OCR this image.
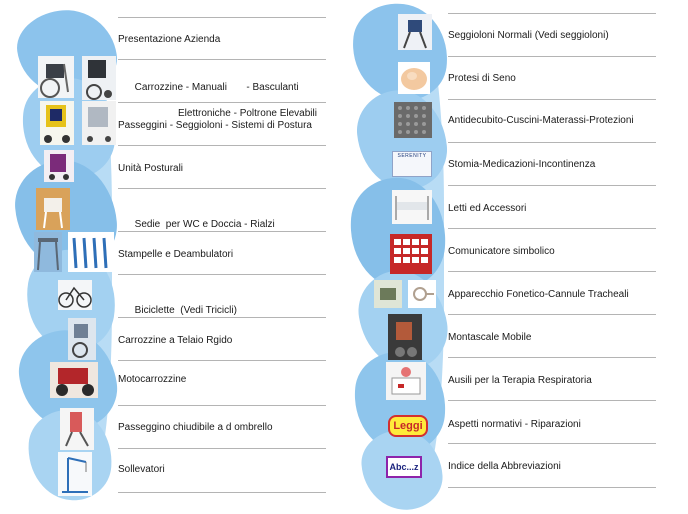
SERENITY
Leggi
Abc...z
Presentazione Azienda

Carrozzine - Manuali       - Basculanti

Elettroniche - Poltrone Elevabili

Passeggini - Seggioloni - Sistemi di Postura
Unità Posturali

Sedie  per WC e Doccia - Rialzi

Stampelle e Deambulatori

Biciclette  (Vedi Tricicli)

Carrozzine a Telaio Rgido
Motocarrozzine
Passeggino chiudibile a d ombrello
Sollevatori
Seggioloni Normali (Vedi seggioloni)
Protesi di Seno
Antidecubito-Cuscini-Materassi-Protezioni
Stomia-Medicazioni-Incontinenza
Letti ed Accessori
Comunicatore simbolico
Apparecchio Fonetico-Cannule Tracheali
Montascale Mobile
Ausili per la Terapia Respiratoria
Aspetti normativi - Riparazioni
Indice della Abbreviazioni
